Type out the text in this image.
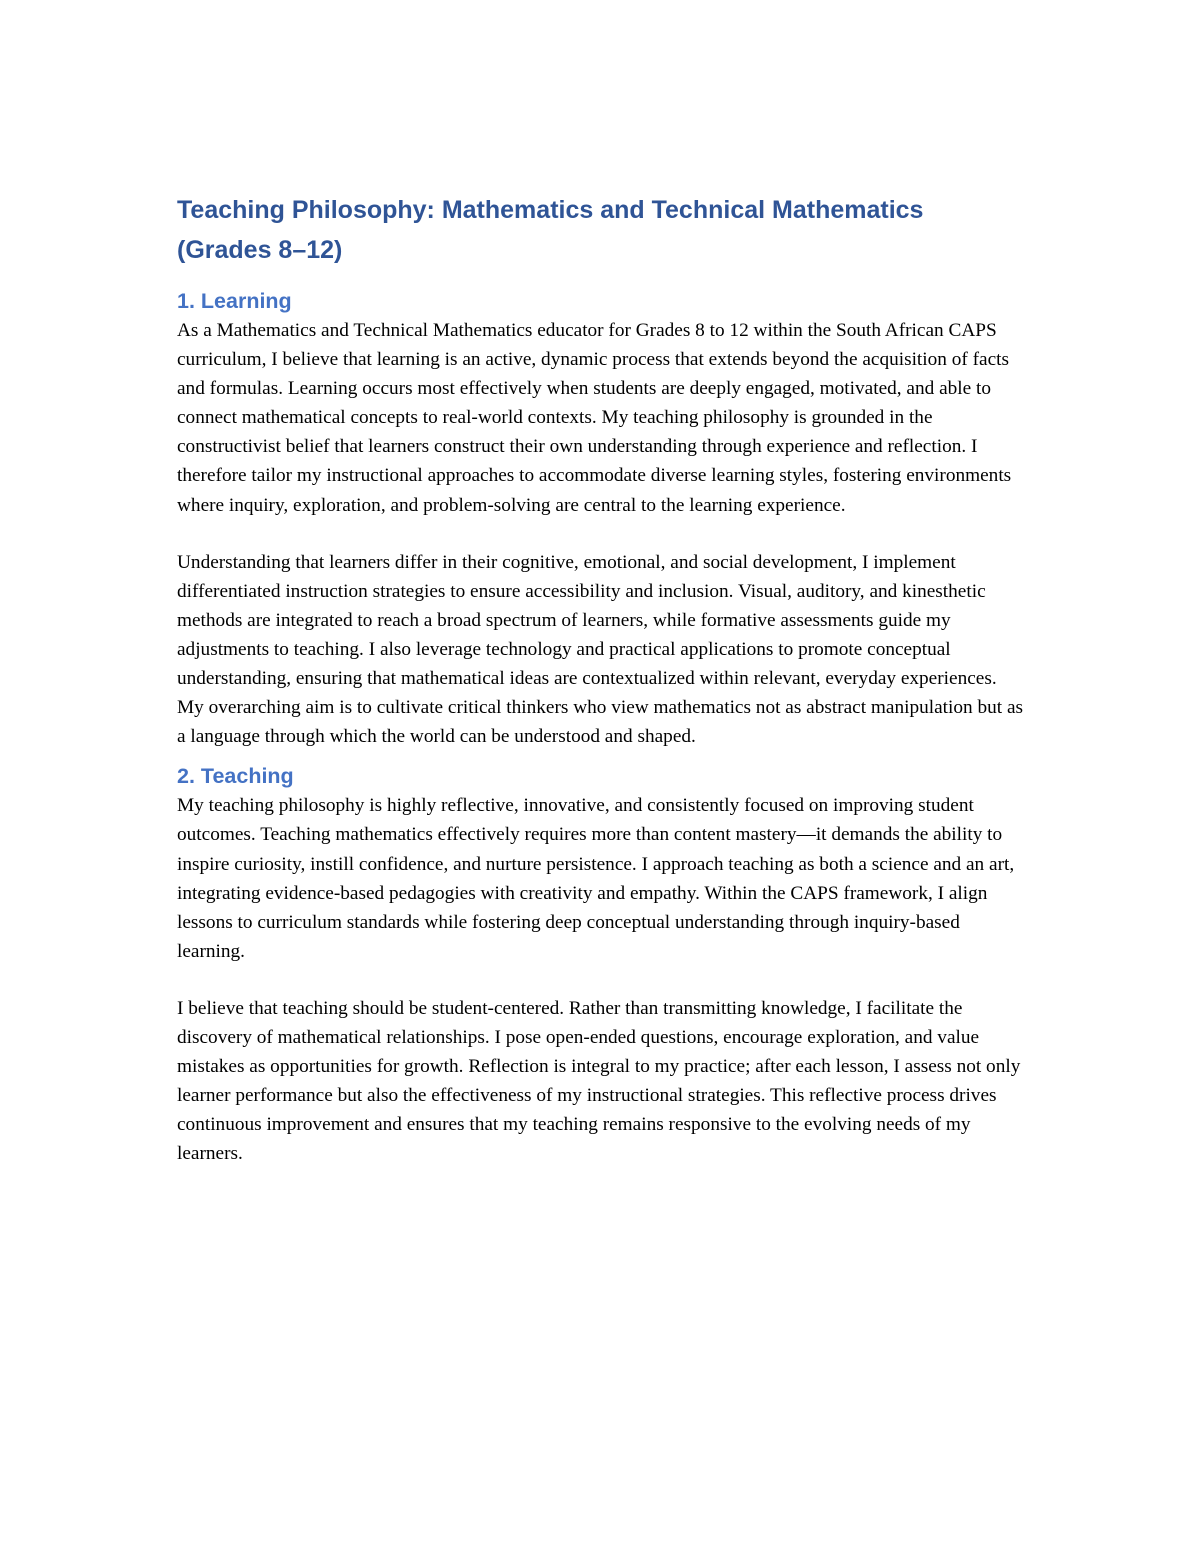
Teaching Philosophy: Mathematics and Technical Mathematics (Grades 8–12)
1. Learning

As a Mathematics and Technical Mathematics educator for Grades 8 to 12 within the South African CAPS curriculum, I believe that learning is an active, dynamic process that extends beyond the acquisition of facts and formulas. Learning occurs most effectively when students are deeply engaged, motivated, and able to connect mathematical concepts to real-world contexts. My teaching philosophy is grounded in the constructivist belief that learners construct their own understanding through experience and reflection. I therefore tailor my instructional approaches to accommodate diverse learning styles, fostering environments where inquiry, exploration, and problem-solving are central to the learning experience.

Understanding that learners differ in their cognitive, emotional, and social development, I implement differentiated instruction strategies to ensure accessibility and inclusion. Visual, auditory, and kinesthetic methods are integrated to reach a broad spectrum of learners, while formative assessments guide my adjustments to teaching. I also leverage technology and practical applications to promote conceptual understanding, ensuring that mathematical ideas are contextualized within relevant, everyday experiences. My overarching aim is to cultivate critical thinkers who view mathematics not as abstract manipulation but as a language through which the world can be understood and shaped.

2. Teaching

My teaching philosophy is highly reflective, innovative, and consistently focused on improving student outcomes. Teaching mathematics effectively requires more than content mastery—it demands the ability to inspire curiosity, instill confidence, and nurture persistence. I approach teaching as both a science and an art, integrating evidence-based pedagogies with creativity and empathy. Within the CAPS framework, I align lessons to curriculum standards while fostering deep conceptual understanding through inquiry-based learning.

I believe that teaching should be student-centered. Rather than transmitting knowledge, I facilitate the discovery of mathematical relationships. I pose open-ended questions, encourage exploration, and value mistakes as opportunities for growth. Reflection is integral to my practice; after each lesson, I assess not only learner performance but also the effectiveness of my instructional strategies. This reflective process drives continuous improvement and ensures that my teaching remains responsive to the evolving needs of my learners.
